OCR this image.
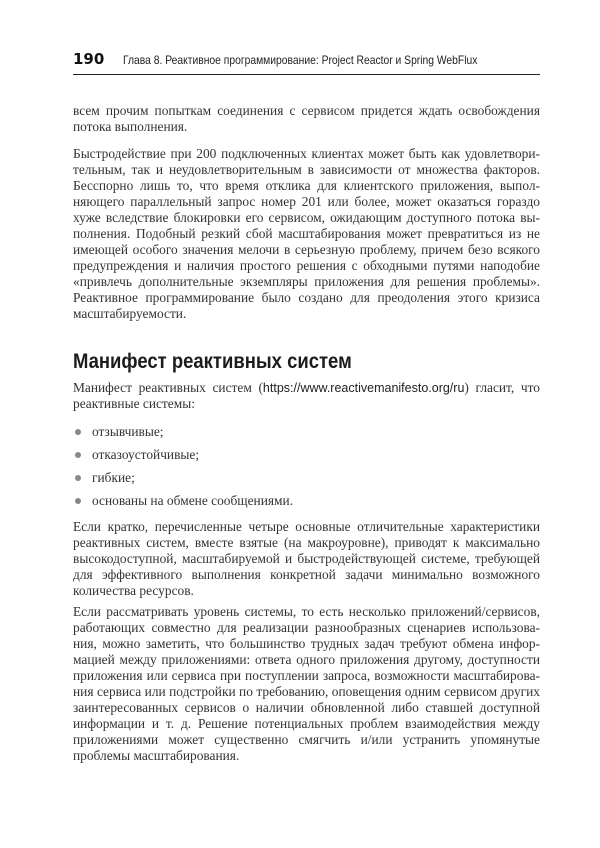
190 Глава 8. Реактивное программирование: Project Reactor и Spring WebFlux
всем прочим попыткам соединения с сервисом придется ждать освобождения
потока выполнения.
Быстродействие при 200 подключенных клиентах может быть как удовлетвори-
тельным, так и неудовлетворительным в зависимости от множества факторов.
Бесспорно лишь то, что время отклика для клиентского приложения, выпол-
няющего параллельный запрос номер 201 или более, может оказаться гораздо
хуже вследствие блокировки его сервисом, ожидающим доступного потока вы-
полнения. Подобный резкий сбой масштабирования может превратиться из не
имеющей особого значения мелочи в серьезную проблему, причем безо всякого
предупреждения и наличия простого решения с обходными путями наподобие
«привлечь дополнительные экземпляры приложения для решения проблемы».
Реактивное программирование было создано для преодоления этого кризиса
масштабируемости.
Манифест реактивных систем
Манифест реактивных систем (https://www.reactivemanifesto.org/ru) гласит, что
реактивные системы:
отзывчивые;
отказоустойчивые;
гибкие;
основаны на обмене сообщениями.
Если кратко, перечисленные четыре основные отличительные характеристики
реактивных систем, вместе взятые (на макроуровне), приводят к максимально
высокодоступной, масштабируемой и быстродействующей системе, требующей
для эффективного выполнения конкретной задачи минимально возможного
количества ресурсов.
Если рассматривать уровень системы, то есть несколько приложений/сервисов,
работающих совместно для реализации разнообразных сценариев использова-
ния, можно заметить, что большинство трудных задач требуют обмена инфор-
мацией между приложениями: ответа одного приложения другому, доступности
приложения или сервиса при поступлении запроса, возможности масштабирова-
ния сервиса или подстройки по требованию, оповещения одним сервисом других
заинтересованных сервисов о наличии обновленной либо ставшей доступной
информации и т. д. Решение потенциальных проблем взаимодействия между
приложениями может существенно смягчить и/или устранить упомянутые
проблемы масштабирования.
